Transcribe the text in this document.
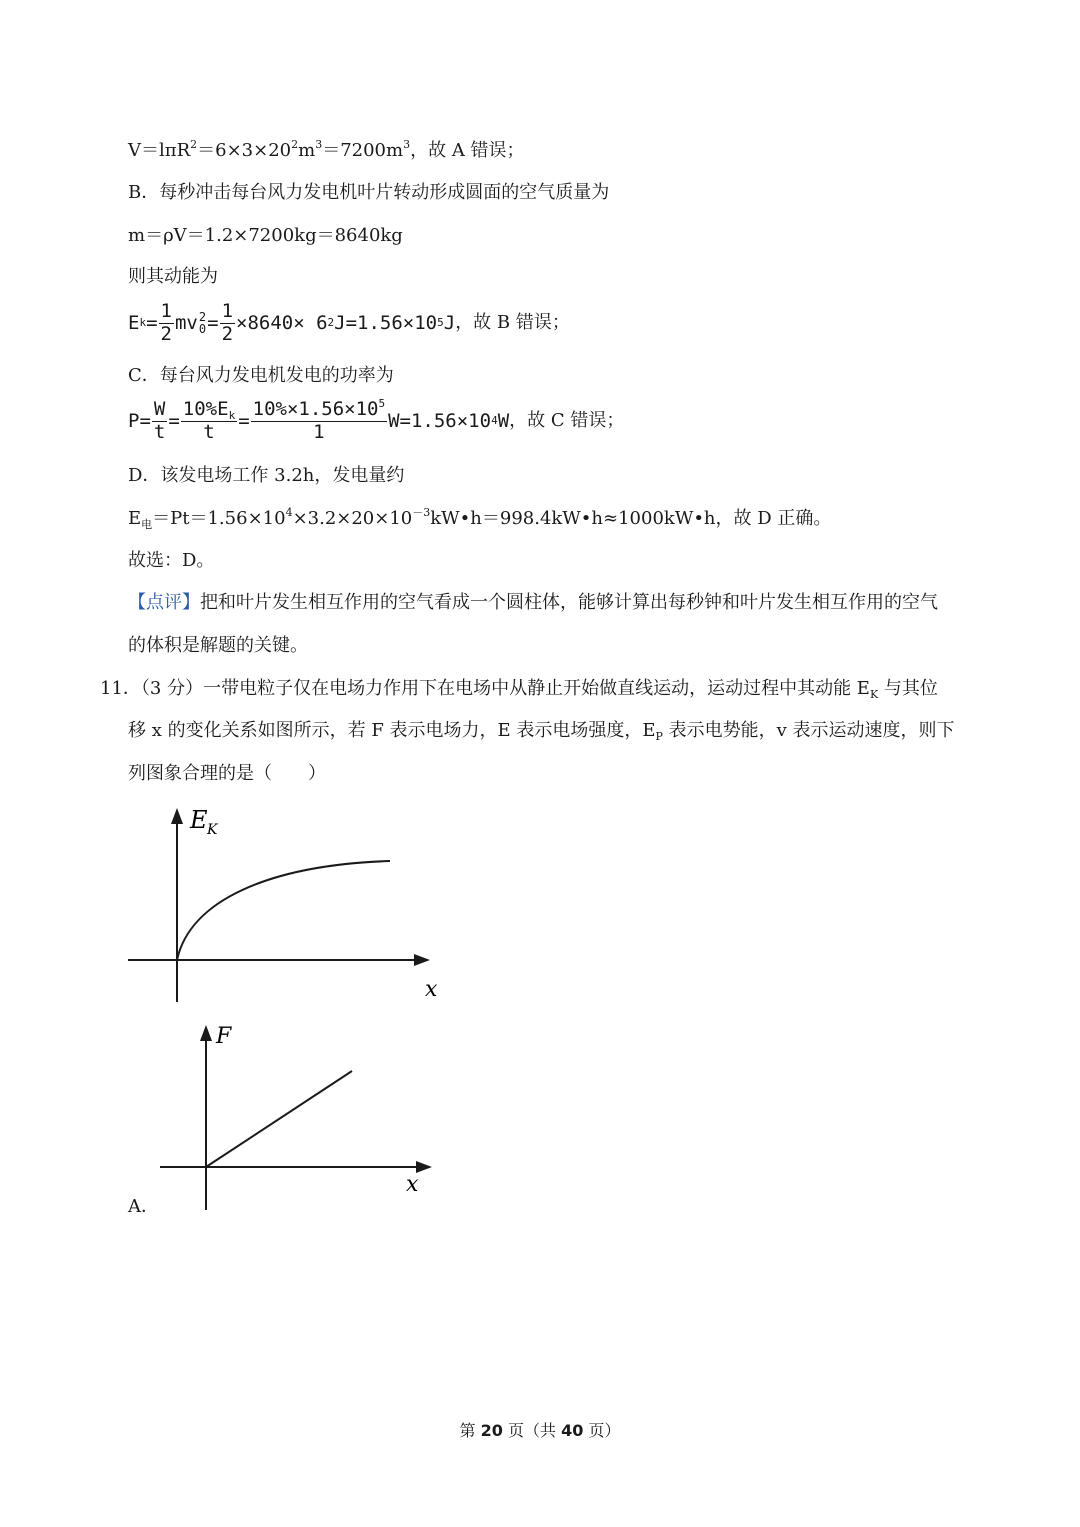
$V=l\pi R^2=6\times 3\times 20^2m^3=7200m^3$，故 A 错误；
B．每秒冲击每台风力发电机叶片转动形成圆面的空气质量为
m＝ρV＝1.2×7200kg＝8640kg
则其动能为
E $k = \frac{1}{2}$ mv 2
$0 = \frac{1}{2} \times 8640\times 6$ 2 J=1.56×10 5 J ，故 B 错误；
C．每台风力发电机发电的功率为
$P= \frac{W}{t} = \frac{10\%E_k}{t} = \frac{10\%\times 1.56\times 10^5}{1} W=1.56\times 10$ 4 W ，故 C 错误；
D．该发电场工作 3.2h，发电量约
$E_电=Pt=1.56\times 10^4\times 3.2\times 20\times 10^{-3}kW•h=998.4kW•h\approx 1000kW•h$，故 D 正确。
故选：D。
【点评】把和叶片发生相互作用的空气看成一个圆柱体，能够计算出每秒钟和叶片发生相互作用的空气
的体积是解题的关键。
11．（3 分）一带电粒子仅在电场力作用下在电场中从静止开始做直线运动，运动过程中其动能 $E_K$ 与其位
移 x 的变化关系如图所示，若 F 表示电场力，E 表示电场强度，$E_P$ 表示电势能，v 表示运动速度，则下
列图象合理的是（　　）
E K
x
F
x
A．
第 20 页（共 40 页）
